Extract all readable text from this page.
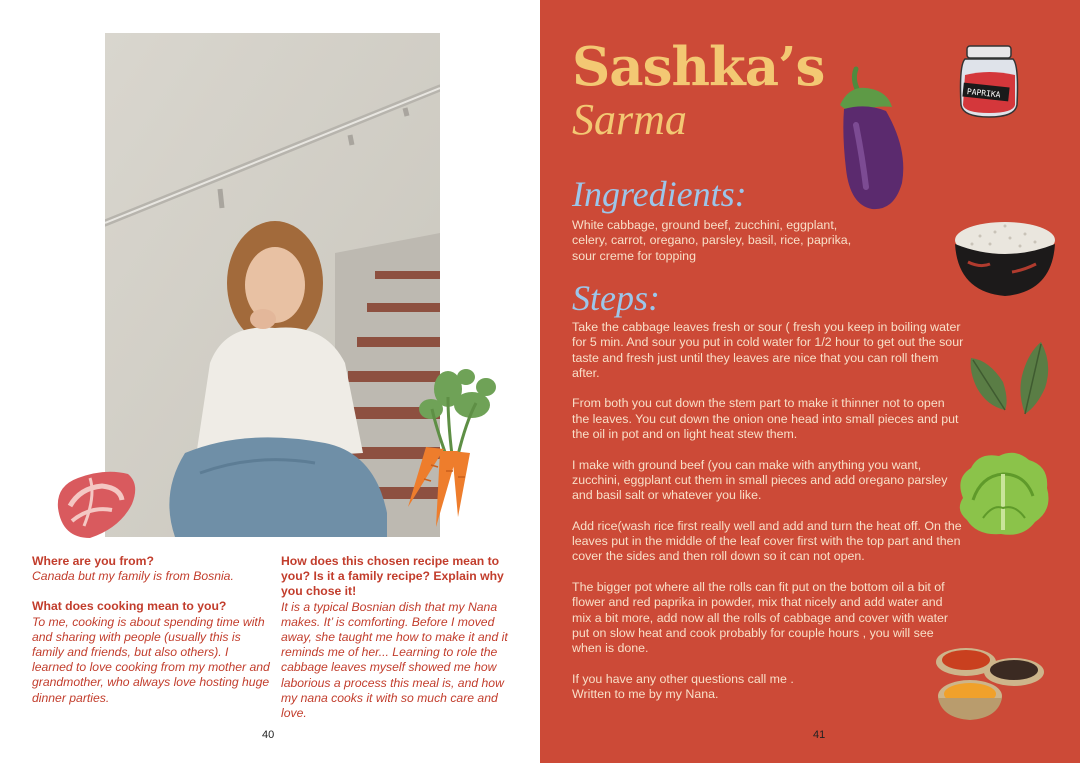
Where are you from?
Canada but my family is from Bosnia.
What does cooking mean to you?
To me, cooking is about spending time with and sharing with people (usually this is family and friends, but also others). I learned to love cooking from my mother and grandmother, who always love hosting huge dinner parties.
How does this chosen recipe mean to you? Is it a family recipe? Explain why you chose it!
It is a typical Bosnian dish that my Nana makes. It’ is comforting. Before I moved away, she taught me how to make it and it reminds me of her... Learning to role the cabbage leaves myself showed me how laborious a process this meal is, and how my nana cooks it with so much care and love.
40
Sashka’s
Sarma
Ingredients:
White cabbage, ground beef, zucchini, eggplant, celery, carrot, oregano, parsley, basil, rice, paprika, sour creme for topping
Steps:

Take the cabbage leaves fresh or sour ( fresh you keep in boiling water for 5 min. And sour you put in cold water for 1/2 hour to get out the sour taste and fresh just until they leaves are nice that you can roll them after.

From both you cut down the stem part to make it thinner not to open the leaves. You cut down the onion one head into small pieces and put the oil in pot and on light heat stew them.

I make with ground beef (you can make with anything you want, zucchini, eggplant cut them in small pieces and add oregano parsley and basil salt or whatever you like.

Add rice(wash rice first really well and add and turn the heat off. On the leaves put in the middle of the leaf cover first with the top part and then cover the sides and then roll down so it can not open.

The bigger pot where all the rolls can fit put on the bottom oil a bit of flower and red paprika in powder, mix that nicely and add water and mix a bit more, add now all the rolls of cabbage and cover with water put on slow heat and cook probably for couple hours , you will see when is done.

If you have any other questions call me .
Written to me by my Nana.

41
PAPRIKA
